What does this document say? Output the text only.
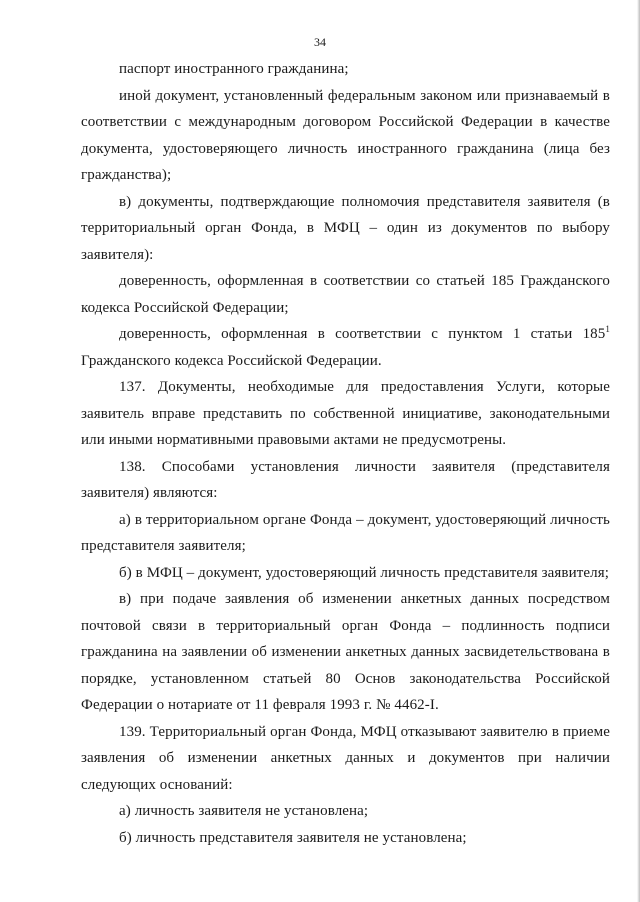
34

паспорт иностранного гражданина;

иной документ, установленный федеральным законом или признаваемый в соответствии с международным договором Российской Федерации в качестве документа, удостоверяющего личность иностранного гражданина (лица без гражданства);

в) документы, подтверждающие полномочия представителя заявителя (в территориальный орган Фонда, в МФЦ – один из документов по выбору заявителя):

доверенность, оформленная в соответствии со статьей 185 Гражданского кодекса Российской Федерации;

доверенность, оформленная в соответствии с пунктом 1 статьи $185^1$ Гражданского кодекса Российской Федерации.

137. Документы, необходимые для предоставления Услуги, которые заявитель вправе представить по собственной инициативе, законодательными или иными нормативными правовыми актами не предусмотрены.

138. Способами установления личности заявителя (представителя заявителя) являются:

а) в территориальном органе Фонда – документ, удостоверяющий личность представителя заявителя;

б) в МФЦ – документ, удостоверяющий личность представителя заявителя;

в) при подаче заявления об изменении анкетных данных посредством почтовой связи в территориальный орган Фонда – подлинность подписи гражданина на заявлении об изменении анкетных данных засвидетельствована в порядке, установленном статьей 80 Основ законодательства Российской Федерации о нотариате от 11 февраля 1993 г. № 4462-I.

139. Территориальный орган Фонда, МФЦ отказывают заявителю в приеме заявления об изменении анкетных данных и документов при наличии следующих оснований:

а) личность заявителя не установлена;

б) личность представителя заявителя не установлена;
